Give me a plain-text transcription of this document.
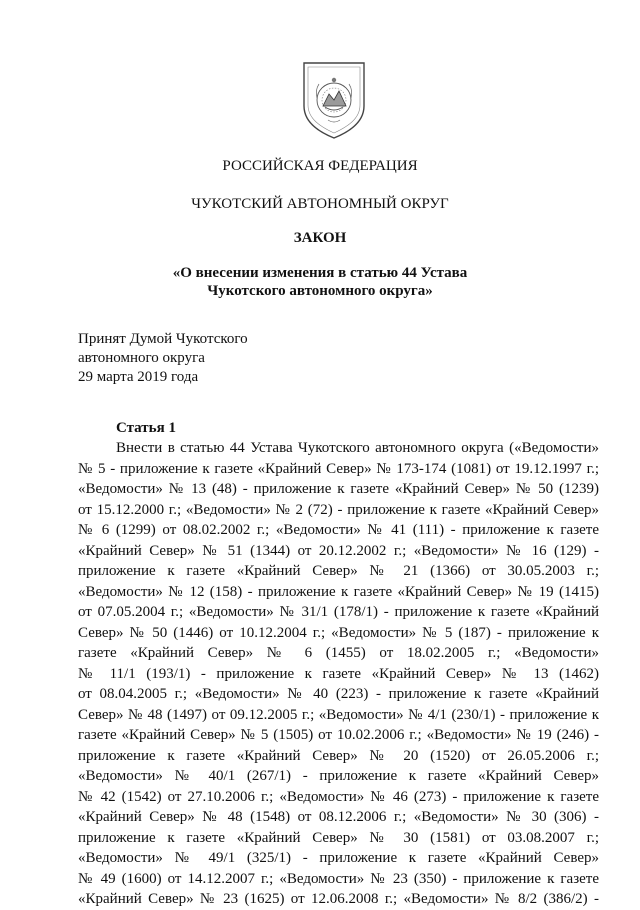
РОССИЙСКАЯ ФЕДЕРАЦИЯ
ЧУКОТСКИЙ АВТОНОМНЫЙ ОКРУГ
ЗАКОН
«О внесении изменения в статью 44 Устава
Чукотского автономного округа»
Принят Думой Чукотского
автономного округа
29 марта 2019 года
Статья 1
Внести в статью 44 Устава Чукотского автономного округа («Ведомости»
№ 5 - приложение к газете «Крайний Север» № 173-174 (1081) от 19.12.1997 г.;
«Ведомости» № 13 (48) - приложение к газете «Крайний Север» № 50 (1239)
от 15.12.2000 г.; «Ведомости» № 2 (72) - приложение к газете «Крайний Север»
№ 6 (1299) от 08.02.2002 г.; «Ведомости» № 41 (111) - приложение к газете
«Крайний Север» № 51 (1344) от 20.12.2002 г.; «Ведомости» № 16 (129) -
приложение к газете «Крайний Север» № 21 (1366) от 30.05.2003 г.;
«Ведомости» № 12 (158) - приложение к газете «Крайний Север» № 19 (1415)
от 07.05.2004 г.; «Ведомости» № 31/1 (178/1) - приложение к газете «Крайний
Север» № 50 (1446) от 10.12.2004 г.; «Ведомости» № 5 (187) - приложение к
газете «Крайний Север» № 6 (1455) от 18.02.2005 г.; «Ведомости»
№ 11/1 (193/1) - приложение к газете «Крайний Север» № 13 (1462)
от 08.04.2005 г.; «Ведомости» № 40 (223) - приложение к газете «Крайний
Север» № 48 (1497) от 09.12.2005 г.; «Ведомости» № 4/1 (230/1) - приложение к
газете «Крайний Север» № 5 (1505) от 10.02.2006 г.; «Ведомости» № 19 (246) -
приложение к газете «Крайний Север» № 20 (1520) от 26.05.2006 г.;
«Ведомости» № 40/1 (267/1) - приложение к газете «Крайний Север»
№ 42 (1542) от 27.10.2006 г.; «Ведомости» № 46 (273) - приложение к газете
«Крайний Север» № 48 (1548) от 08.12.2006 г.; «Ведомости» № 30 (306) -
приложение к газете «Крайний Север» № 30 (1581) от 03.08.2007 г.;
«Ведомости» № 49/1 (325/1) - приложение к газете «Крайний Север»
№ 49 (1600) от 14.12.2007 г.; «Ведомости» № 23 (350) - приложение к газете
«Крайний Север» № 23 (1625) от 12.06.2008 г.; «Ведомости» № 8/2 (386/2) -
